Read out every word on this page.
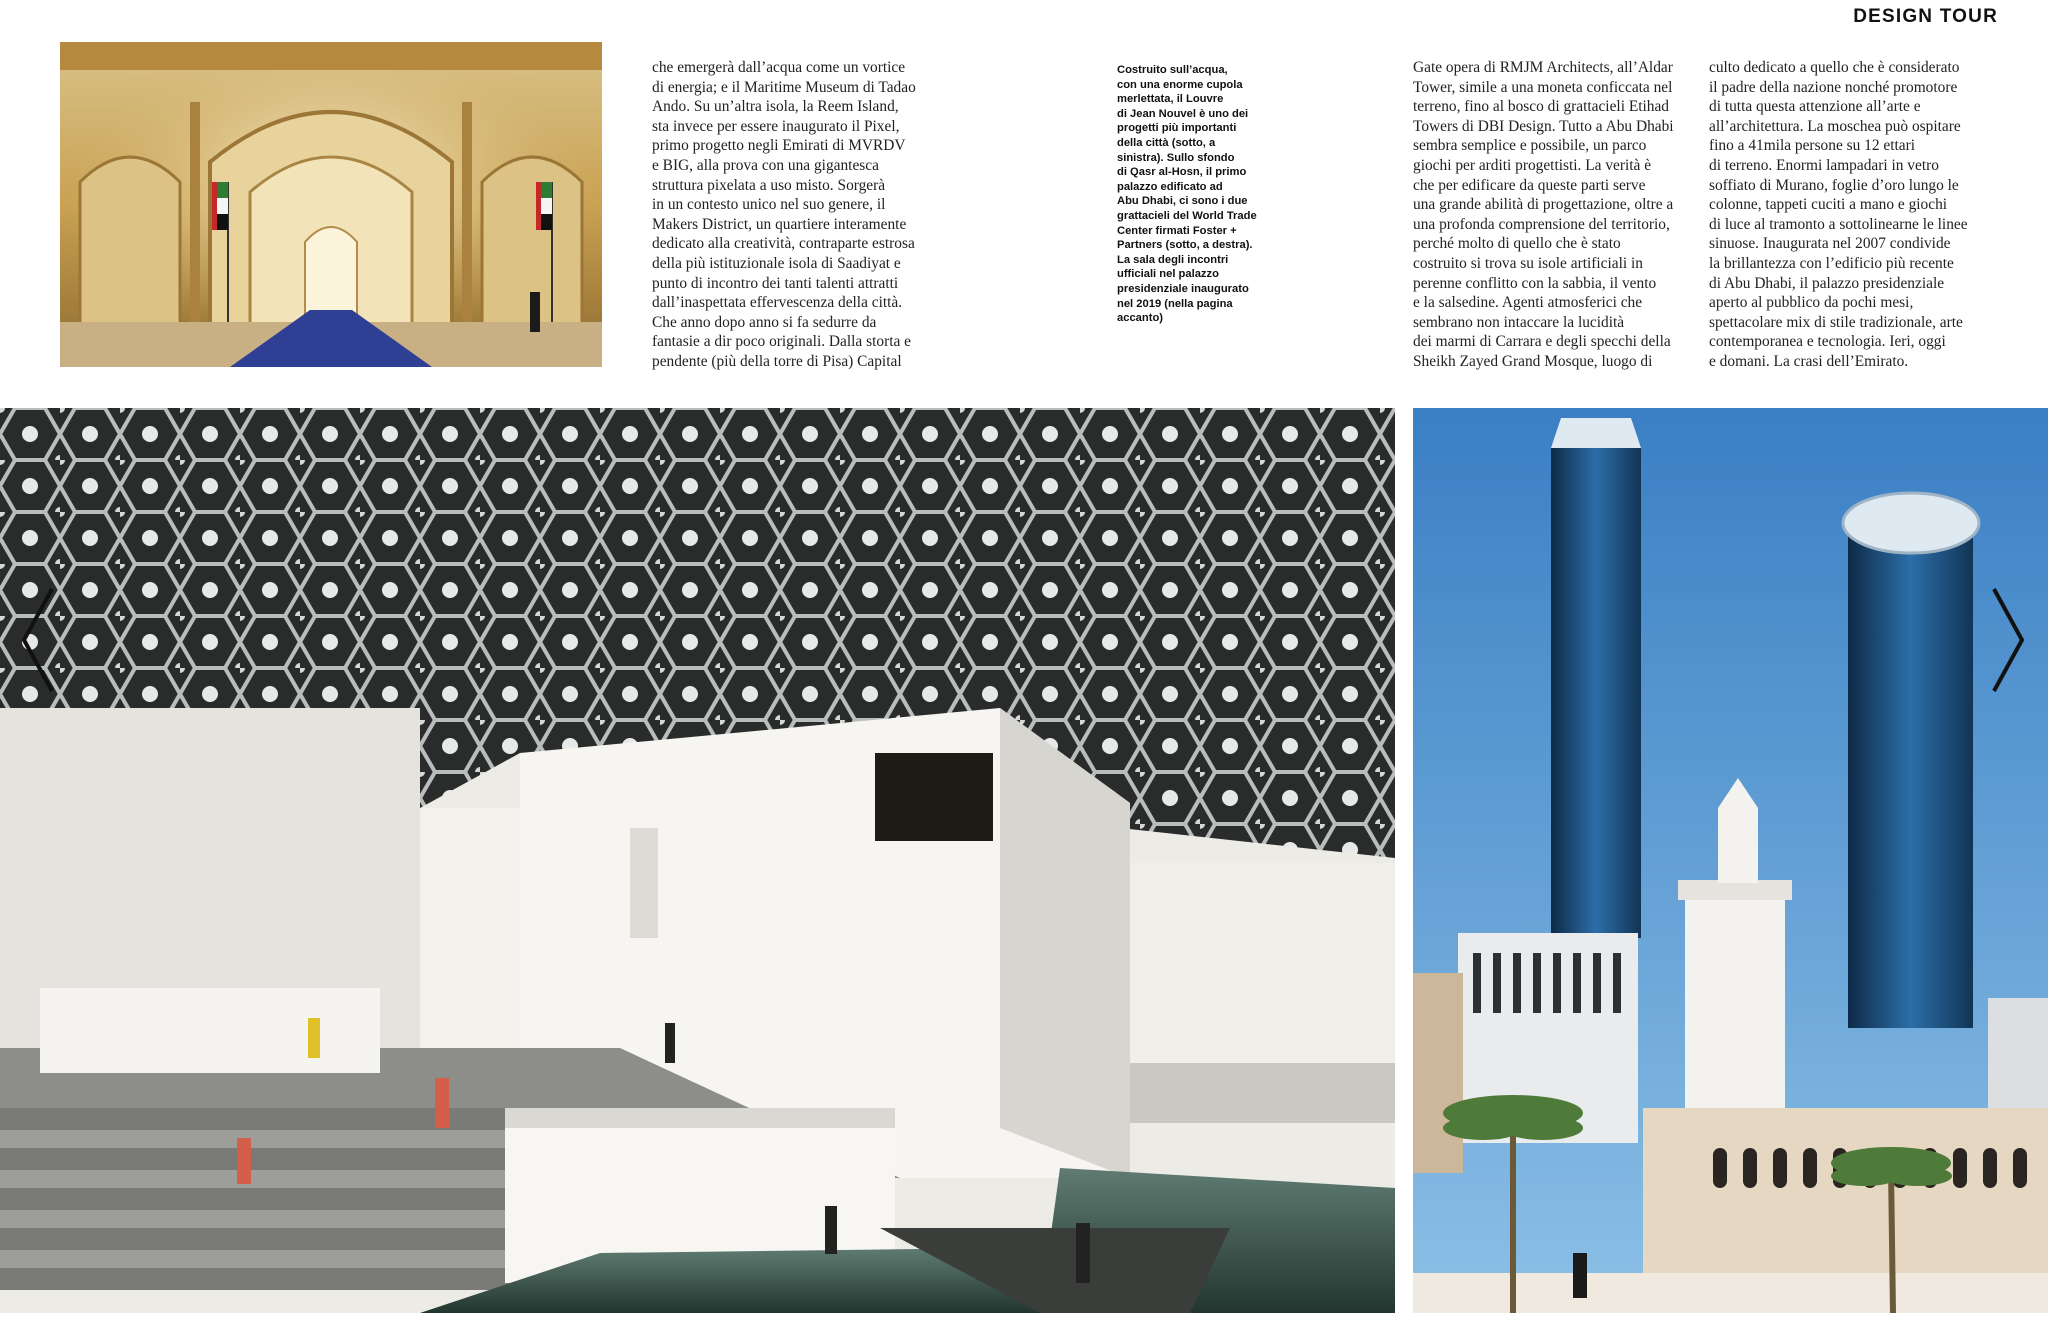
DESIGN TOUR
che emergerà dall’acqua come un vortice
di energia; e il Maritime Museum di Tadao
Ando. Su un’altra isola, la Reem Island,
sta invece per essere inaugurato il Pixel,
primo progetto negli Emirati di MVRDV
e BIG, alla prova con una gigantesca
struttura pixelata a uso misto. Sorgerà
in un contesto unico nel suo genere, il
Makers District, un quartiere interamente
dedicato alla creatività, contraparte estrosa
della più istituzionale isola di Saadiyat e
punto di incontro dei tanti talenti attratti
dall’inaspettata effervescenza della città.
Che anno dopo anno si fa sedurre da
fantasie a dir poco originali. Dalla storta e
pendente (più della torre di Pisa) Capital
Costruito sull’acqua,
con una enorme cupola
merlettata, il Louvre
di Jean Nouvel è uno dei
progetti più importanti
della città (sotto, a
sinistra). Sullo sfondo
di Qasr al-Hosn, il primo
palazzo edificato ad
Abu Dhabi, ci sono i due
grattacieli del World Trade
Center firmati Foster +
Partners (sotto, a destra).
La sala degli incontri
ufficiali nel palazzo
presidenziale inaugurato
nel 2019 (nella pagina
accanto)
Gate opera di RMJM Architects, all’Aldar
Tower, simile a una moneta conficcata nel
terreno, fino al bosco di grattacieli Etihad
Towers di DBI Design. Tutto a Abu Dhabi
sembra semplice e possibile, un parco
giochi per arditi progettisti. La verità è
che per edificare da queste parti serve
una grande abilità di progettazione, oltre a
una profonda comprensione del territorio,
perché molto di quello che è stato
costruito si trova su isole artificiali in
perenne conflitto con la sabbia, il vento
e la salsedine. Agenti atmosferici che
sembrano non intaccare la lucidità
dei marmi di Carrara e degli specchi della
Sheikh Zayed Grand Mosque, luogo di
culto dedicato a quello che è considerato
il padre della nazione nonché promotore
di tutta questa attenzione all’arte e
all’architettura. La moschea può ospitare
fino a 41mila persone su 12 ettari
di terreno. Enormi lampadari in vetro
soffiato di Murano, foglie d’oro lungo le
colonne, tappeti cuciti a mano e giochi
di luce al tramonto a sottolinearne le linee
sinuose. Inaugurata nel 2007 condivide
la brillantezza con l’edificio più recente
di Abu Dhabi, il palazzo presidenziale
aperto al pubblico da pochi mesi,
spettacolare mix di stile tradizionale, arte
contemporanea e tecnologia. Ieri, oggi
e domani. La crasi dell’Emirato.
